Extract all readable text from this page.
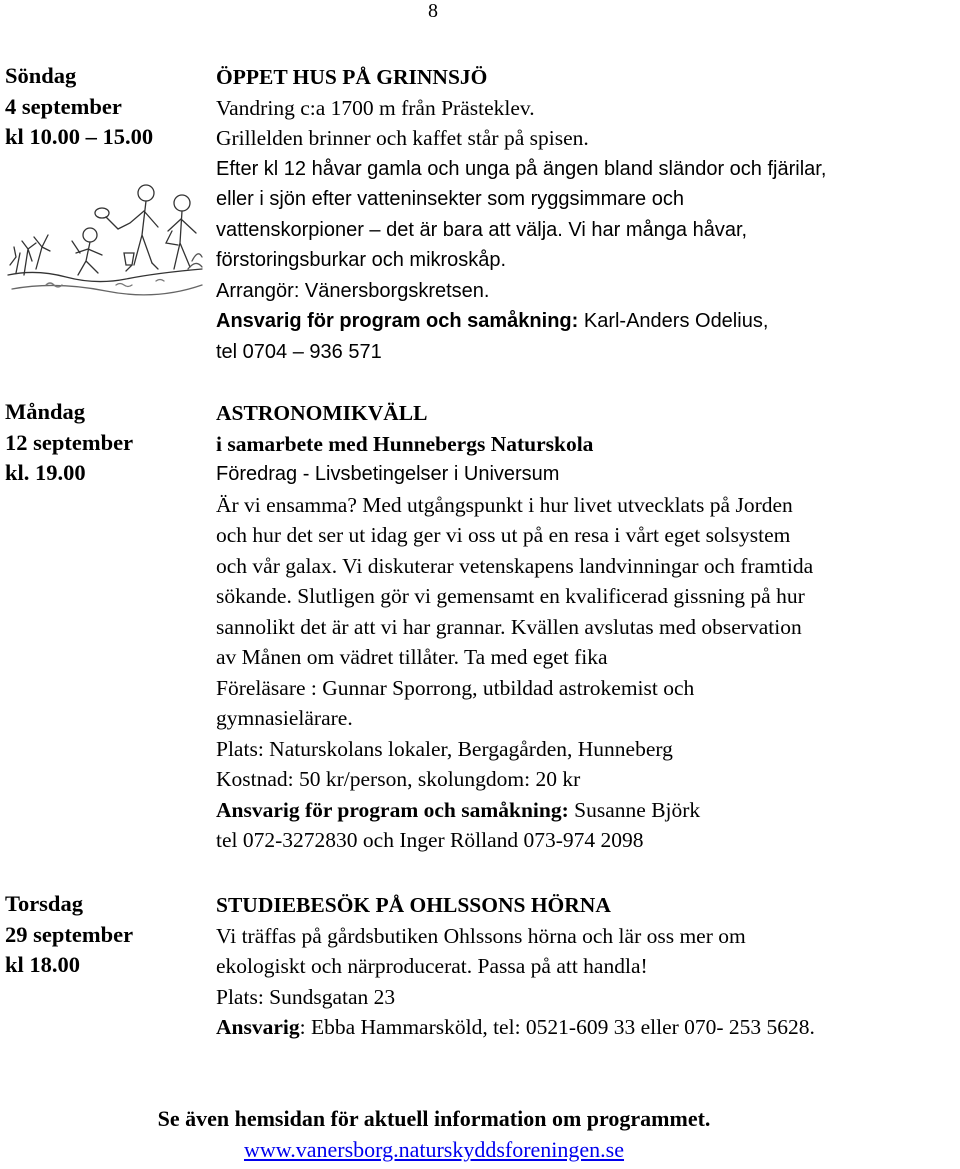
8
Söndag
4 september
kl 10.00 – 15.00
ÖPPET HUS PÅ GRINNSJÖ
Vandring c:a 1700 m från Prästeklev.
Grillelden brinner och kaffet står på spisen.
Efter kl 12 håvar gamla och unga på ängen bland sländor och fjärilar,
eller i sjön efter vatteninsekter som ryggsimmare och
vattenskorpioner – det är bara att välja. Vi har många håvar,
förstoringsburkar och mikroskåp.
Arrangör: Vänersborgskretsen.
Ansvarig för program och samåkning: Karl-Anders Odelius,
tel 0704 – 936 571
Måndag
12 september
kl. 19.00
ASTRONOMIKVÄLL
i samarbete med Hunnebergs Naturskola
Föredrag - Livsbetingelser i Universum
Är vi ensamma? Med utgångspunkt i hur livet utvecklats på Jorden
och hur det ser ut idag ger vi oss ut på en resa i vårt eget solsystem
och vår galax. Vi diskuterar vetenskapens landvinningar och framtida
sökande. Slutligen gör vi gemensamt en kvalificerad gissning på hur
sannolikt det är att vi har grannar. Kvällen avslutas med observation
av Månen om vädret tillåter. Ta med eget fika
Föreläsare : Gunnar Sporrong, utbildad astrokemist och
gymnasielärare.
Plats: Naturskolans lokaler, Bergagården, Hunneberg
Kostnad: 50 kr/person, skolungdom: 20 kr
Ansvarig för program och samåkning: Susanne Björk
tel 072-3272830 och Inger Rölland 073-974 2098
Torsdag
29 september
kl 18.00
STUDIEBESÖK PÅ OHLSSONS HÖRNA
Vi träffas på gårdsbutiken Ohlssons hörna och lär oss mer om
ekologiskt och närproducerat. Passa på att handla!
Plats: Sundsgatan 23
Ansvarig: Ebba Hammarsköld, tel: 0521-609 33 eller 070- 253 5628.
Se även hemsidan för aktuell information om programmet.
www.vanersborg.naturskyddsforeningen.se
